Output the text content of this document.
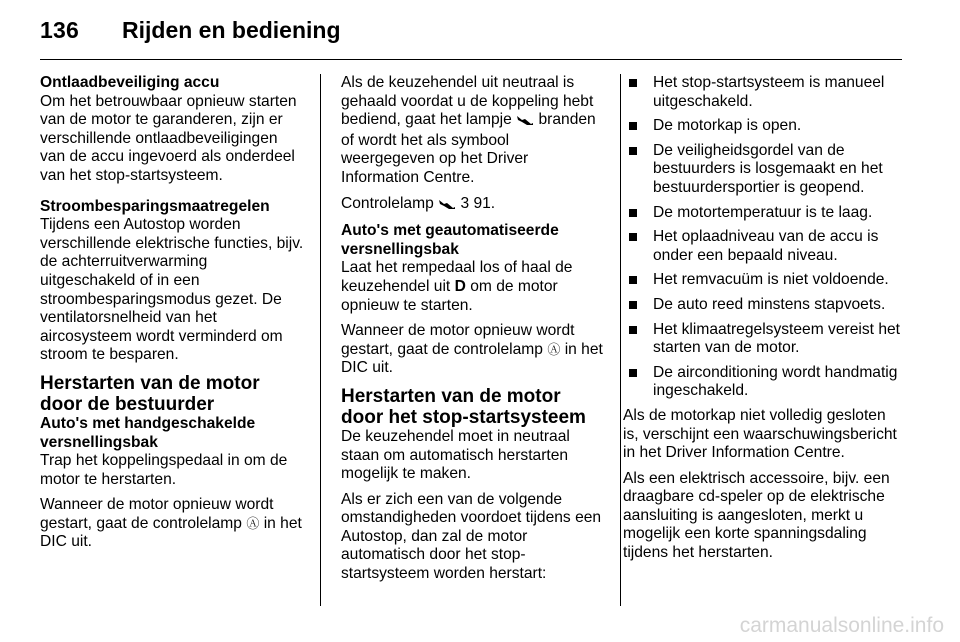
136 Rijden en bediening

Ontlaadbeveiliging accu

Om het betrouwbaar opnieuw starten van de motor te garanderen, zijn er verschillende ontlaadbeveiligingen van de accu ingevoerd als onderdeel van het stop-startsysteem.

Stroombesparingsmaatregelen

Tijdens een Autostop worden verschillende elektrische functies, bijv. de achterruitverwarming uitgeschakeld of in een stroombesparingsmodus gezet. De ventilatorsnelheid van het aircosysteem wordt verminderd om stroom te besparen.

Herstarten van de motor door de bestuurder

Auto's met handgeschakelde versnellingsbak

Trap het koppelingspedaal in om de motor te herstarten.

Wanneer de motor opnieuw wordt gestart, gaat de controlelamp Ⓐ in het DIC uit.

Als de keuzehendel uit neutraal is gehaald voordat u de koppeling hebt bediend, gaat het lampje branden of wordt het als symbool weergegeven op het Driver Information Centre.

Controlelamp 3 91.

Auto's met geautomatiseerde versnellingsbak

Laat het rempedaal los of haal de keuzehendel uit D om de motor opnieuw te starten.

Wanneer de motor opnieuw wordt gestart, gaat de controlelamp Ⓐ in het DIC uit.

Herstarten van de motor door het stop-startsysteem

De keuzehendel moet in neutraal staan om automatisch herstarten mogelijk te maken.

Als er zich een van de volgende omstandigheden voordoet tijdens een Autostop, dan zal de motor automatisch door het stop-startsysteem worden herstart:

Het stop-startsysteem is manueel uitgeschakeld.
De motorkap is open.
De veiligheidsgordel van de bestuurders is losgemaakt en het bestuurdersportier is geopend.
De motortemperatuur is te laag.
Het oplaadniveau van de accu is onder een bepaald niveau.
Het remvacuüm is niet voldoende.
De auto reed minstens stapvoets.
Het klimaatregelsysteem vereist het starten van de motor.
De airconditioning wordt handmatig ingeschakeld.

Als de motorkap niet volledig gesloten is, verschijnt een waarschuwingsbericht in het Driver Information Centre.

Als een elektrisch accessoire, bijv. een draagbare cd-speler op de elektrische aansluiting is aangesloten, merkt u mogelijk een korte spanningsdaling tijdens het herstarten.

carmanualsonline.info
